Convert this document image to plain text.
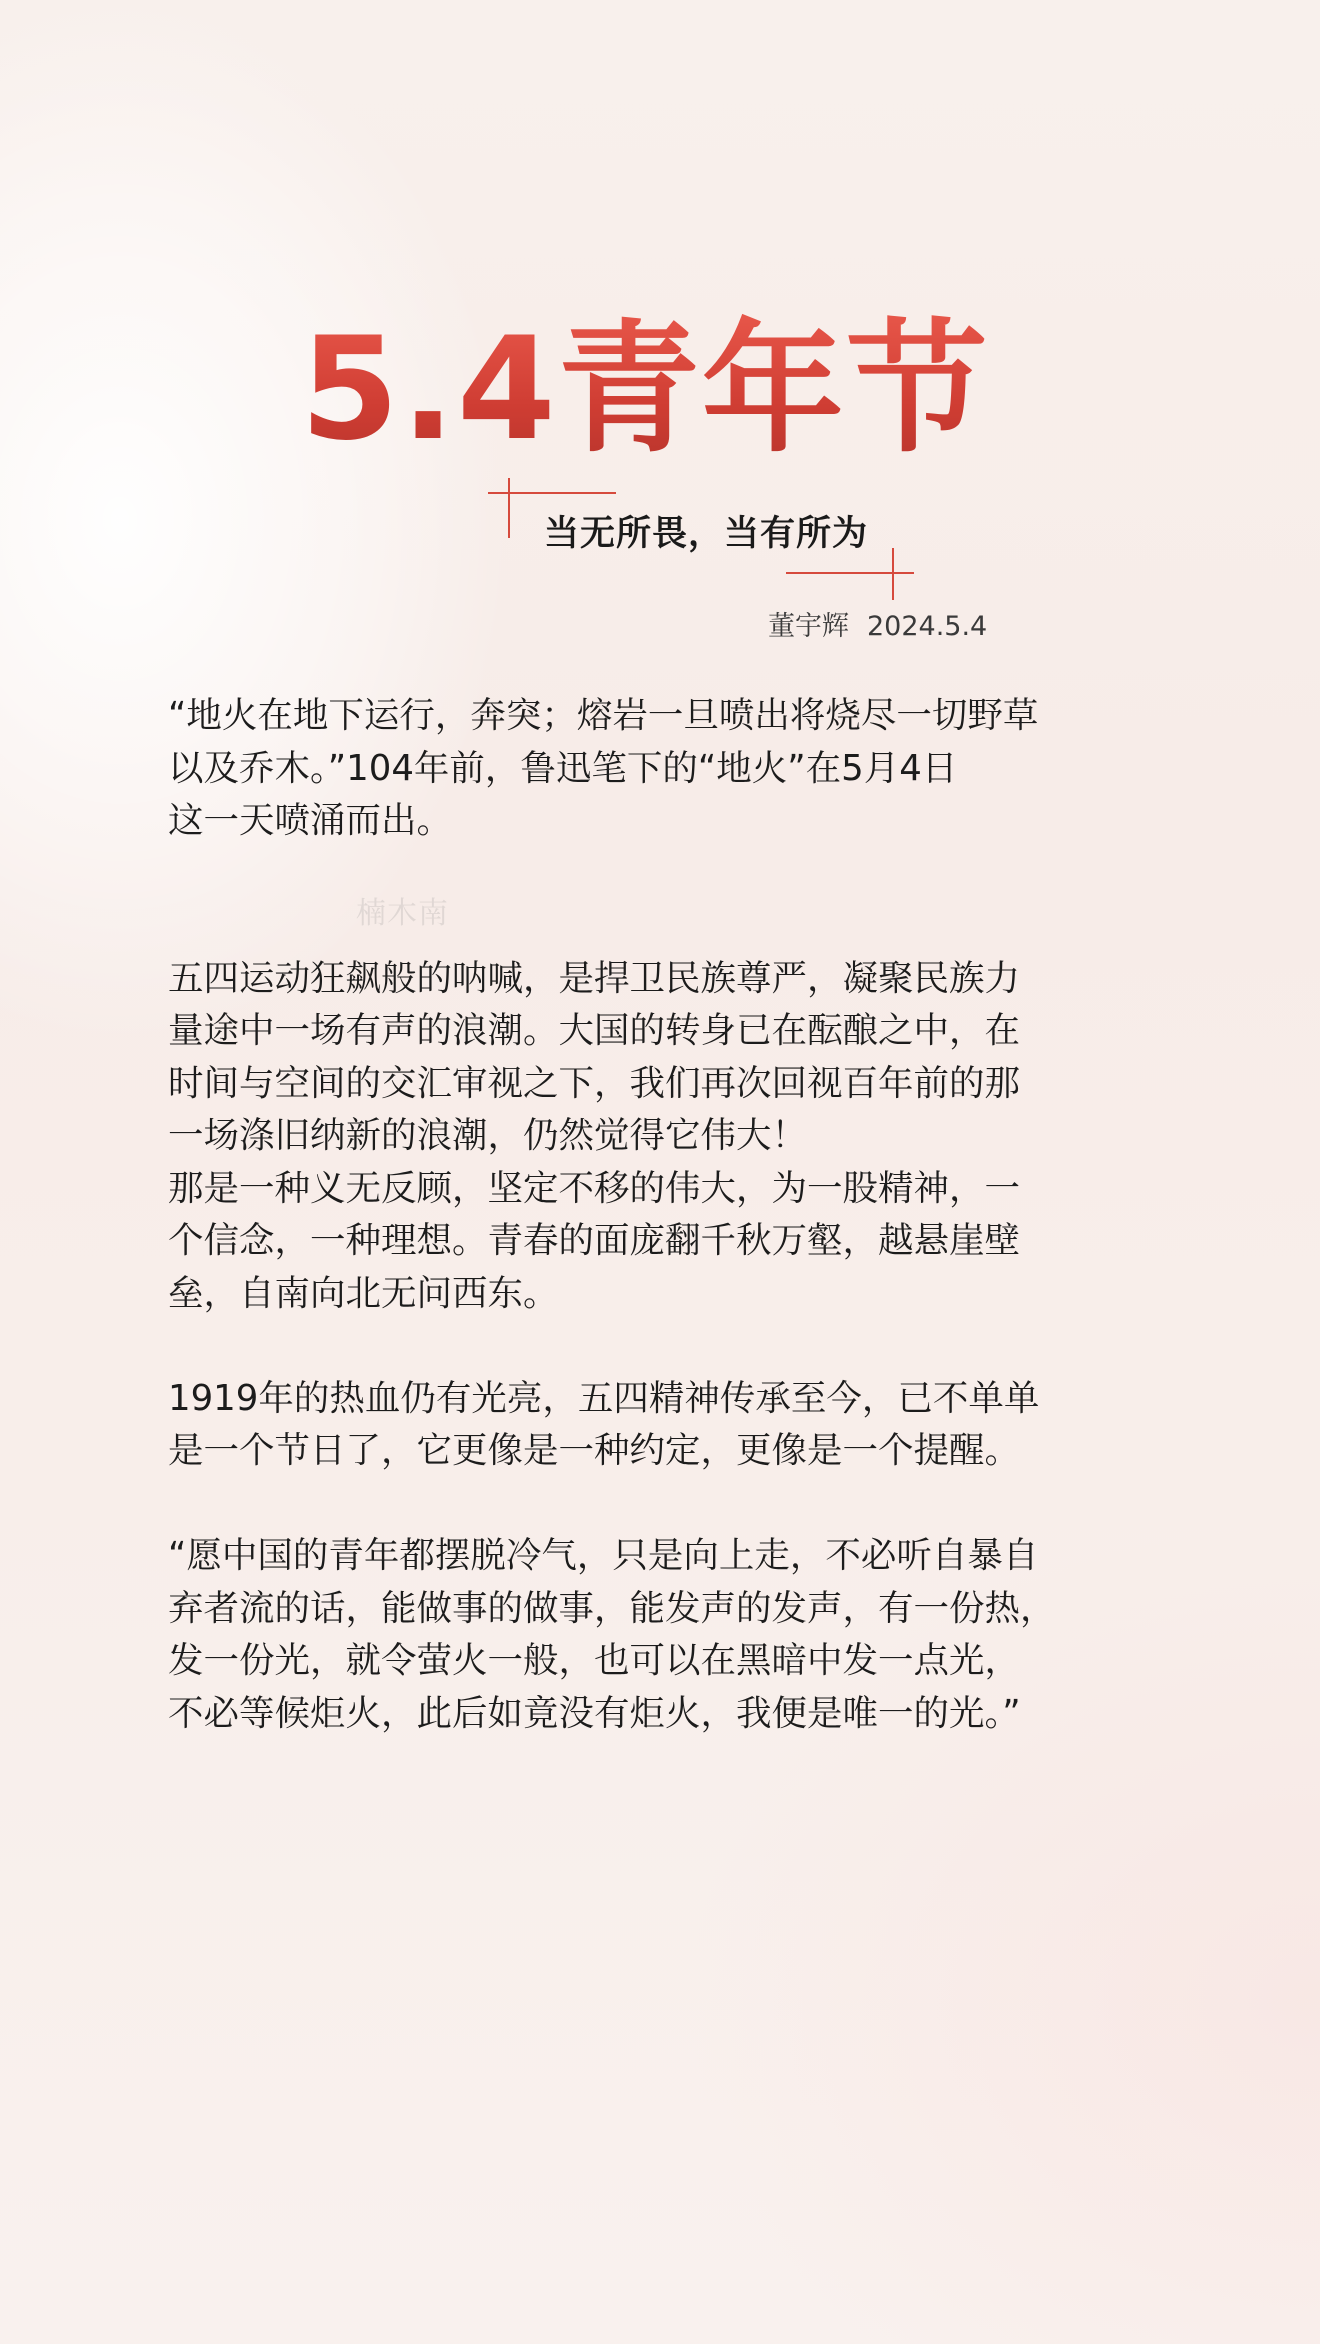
5.4青年节
当无所畏，当有所为
董宇辉 2024.5.4
楠木南

“地火在地下运行，奔突；熔岩一旦喷出将烧尽一切野草
以及乔木。”104年前，鲁迅笔下的“地火”在5月4日
这一天喷涌而出。

五四运动狂飙般的呐喊，是捍卫民族尊严，凝聚民族力
量途中一场有声的浪潮。大国的转身已在酝酿之中，在
时间与空间的交汇审视之下，我们再次回视百年前的那
一场涤旧纳新的浪潮，仍然觉得它伟大！
那是一种义无反顾，坚定不移的伟大，为一股精神，一
个信念，一种理想。青春的面庞翻千秋万壑，越悬崖壁
垒，自南向北无问西东。

1919年的热血仍有光亮，五四精神传承至今，已不单单
是一个节日了，它更像是一种约定，更像是一个提醒。

“愿中国的青年都摆脱冷气，只是向上走，不必听自暴自
弃者流的话，能做事的做事，能发声的发声，有一份热，
发一份光，就令萤火一般，也可以在黑暗中发一点光，
不必等候炬火，此后如竟没有炬火，我便是唯一的光。”
